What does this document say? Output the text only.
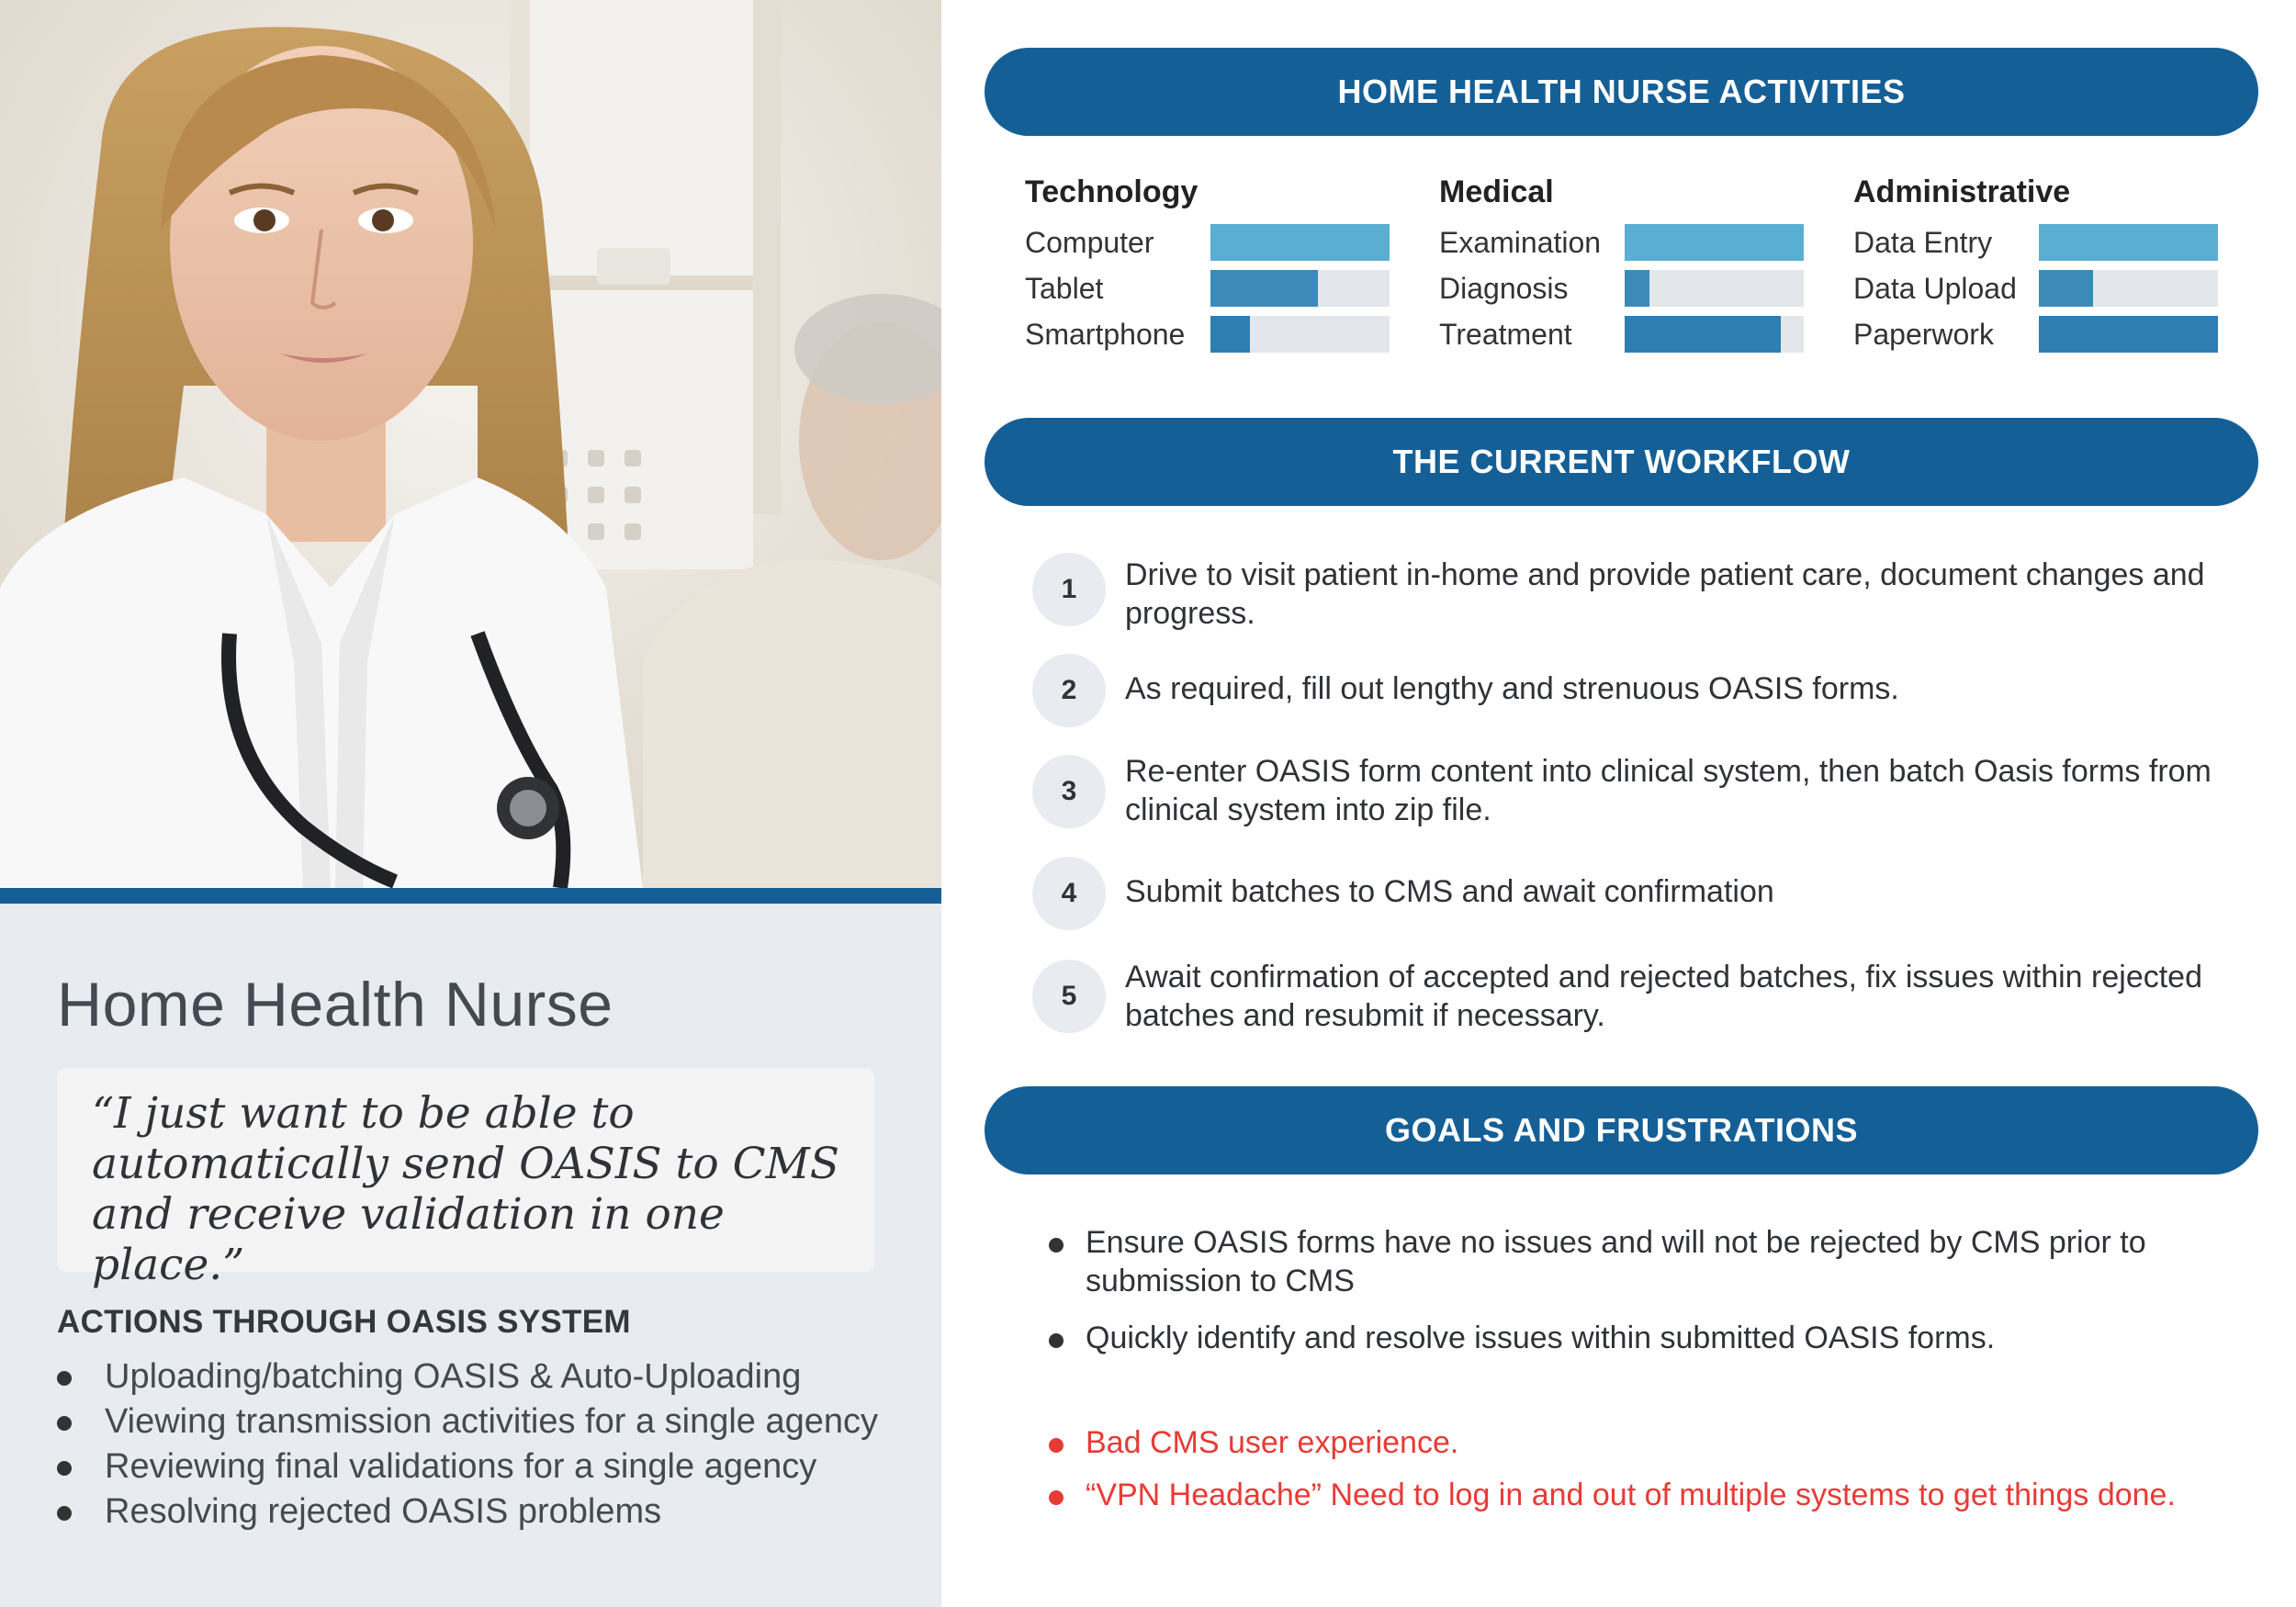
Home Health Nurse

“I just want to be able to automatically send OASIS to CMS and receive validation in one place.”

ACTIONS THROUGH OASIS SYSTEM
Uploading/batching OASIS & Auto-Uploading
Viewing transmission activities for a single agency
Reviewing final validations for a single agency
Resolving rejected OASIS problems
HOME HEALTH NURSE ACTIVITIES
Technology
Computer
Tablet
Smartphone
Medical
Examination
Diagnosis
Treatment
Administrative
Data Entry
Data Upload
Paperwork
THE CURRENT WORKFLOW
1	Drive to visit patient in-home and provide patient care, document changes and progress.
2	As required, fill out lengthy and strenuous OASIS forms.
3
Re-enter OASIS form content into clinical system, then batch Oasis forms from clinical system into zip file.
4	Submit batches to CMS and await confirmation
5
Await confirmation of accepted and rejected batches, fix issues within rejected batches and resubmit if necessary.
GOALS AND FRUSTRATIONS
Ensure OASIS forms have no issues and will not be rejected by CMS prior to submission to CMS
Quickly identify and resolve issues within submitted OASIS forms.
Bad CMS user experience.
“VPN Headache” Need to log in and out of multiple systems to get things done.
